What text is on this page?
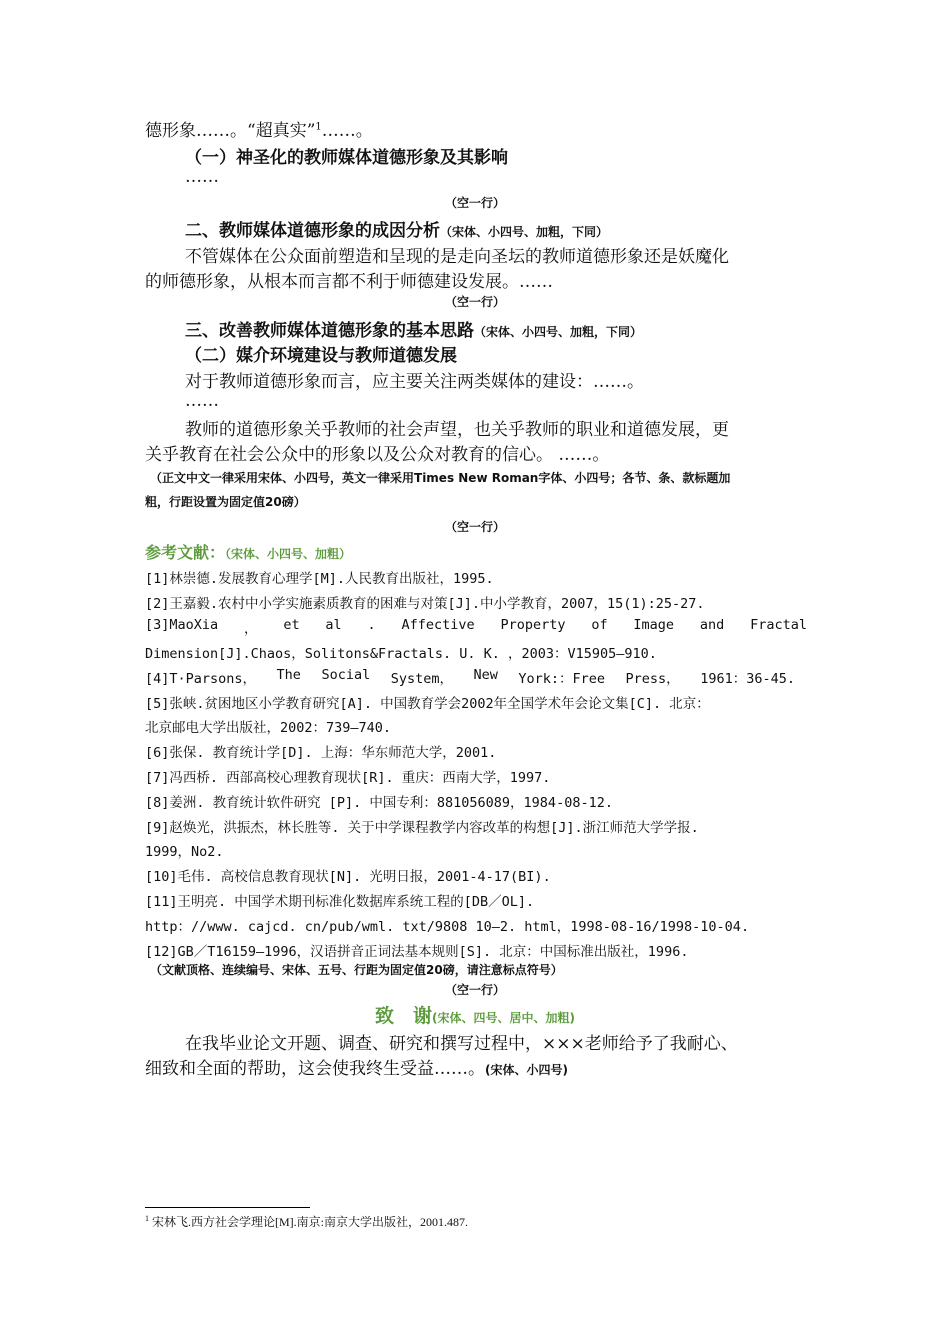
德形象……。“超真实”$^1$……。
（一）神圣化的教师媒体道德形象及其影响
……
（空一行）
二、教师媒体道德形象的成因分析（宋体、小四号、加粗，下同）
不管媒体在公众面前塑造和呈现的是走向圣坛的教师道德形象还是妖魔化
的师德形象，从根本而言都不利于师德建设发展。……
（空一行）
三、改善教师媒体道德形象的基本思路（宋体、小四号、加粗，下同）
（二）媒介环境建设与教师道德发展
对于教师道德形象而言，应主要关注两类媒体的建设：……。
……
教师的道德形象关乎教师的社会声望，也关乎教师的职业和道德发展，更
关乎教育在社会公众中的形象以及公众对教育的信心。 ……。
（正文中文一律采用宋体、小四号，英文一律采用Times New Roman字体、小四号；各节、条、款标题加
粗，行距设置为固定值20磅）
（空一行）
参考文献：（宋体、小四号、加粗）
[1]林崇德.发展教育心理学[M].人民教育出版社，1995.
[2]王嘉毅.农村中小学实施素质教育的困难与对策[J].中小学教育，2007，15(1):25-27.
[3]MaoXia ， et al . Affective Property of Image and Fractal
Dimension[J].Chaos，Solitons&Fractals. U. K. ，2003：V15905—910.
[4]T·Parsons， The Social System， New York:：Free Press， 1961：36-45.
[5]张峡.贫困地区小学教育研究[A]. 中国教育学会2002年全国学术年会论文集[C]. 北京：
北京邮电大学出版社，2002：739—740.
[6]张保. 教育统计学[D]. 上海：华东师范大学，2001.
[7]冯西桥. 西部高校心理教育现状[R]. 重庆：西南大学，1997.
[8]姜洲. 教育统计软件研究 [P]. 中国专利：881056089，1984-08-12.
[9]赵焕光，洪振杰，林长胜等. 关于中学课程教学内容改革的构想[J].浙江师范大学学报.
1999，No2.
[10]毛伟. 高校信息教育现状[N]. 光明日报，2001-4-17(BI).
[11]王明亮. 中国学术期刊标准化数据库系统工程的[DB／OL].
http：//www. cajcd. cn/pub/wml. txt/9808 10—2. html，1998-08-16/1998-10-04.
[12]GB／T16159—1996，汉语拼音正词法基本规则[S]. 北京：中国标准出版社，1996.
（文献顶格、连续编号、宋体、五号、行距为固定值20磅，请注意标点符号）
（空一行）
致　谢(宋体、四号、居中、加粗)
在我毕业论文开题、调查、研究和撰写过程中，×××老师给予了我耐心、
细致和全面的帮助，这会使我终生受益……。(宋体、小四号)
$^1$ 宋林飞.西方社会学理论[M].南京:南京大学出版社，2001.487.
